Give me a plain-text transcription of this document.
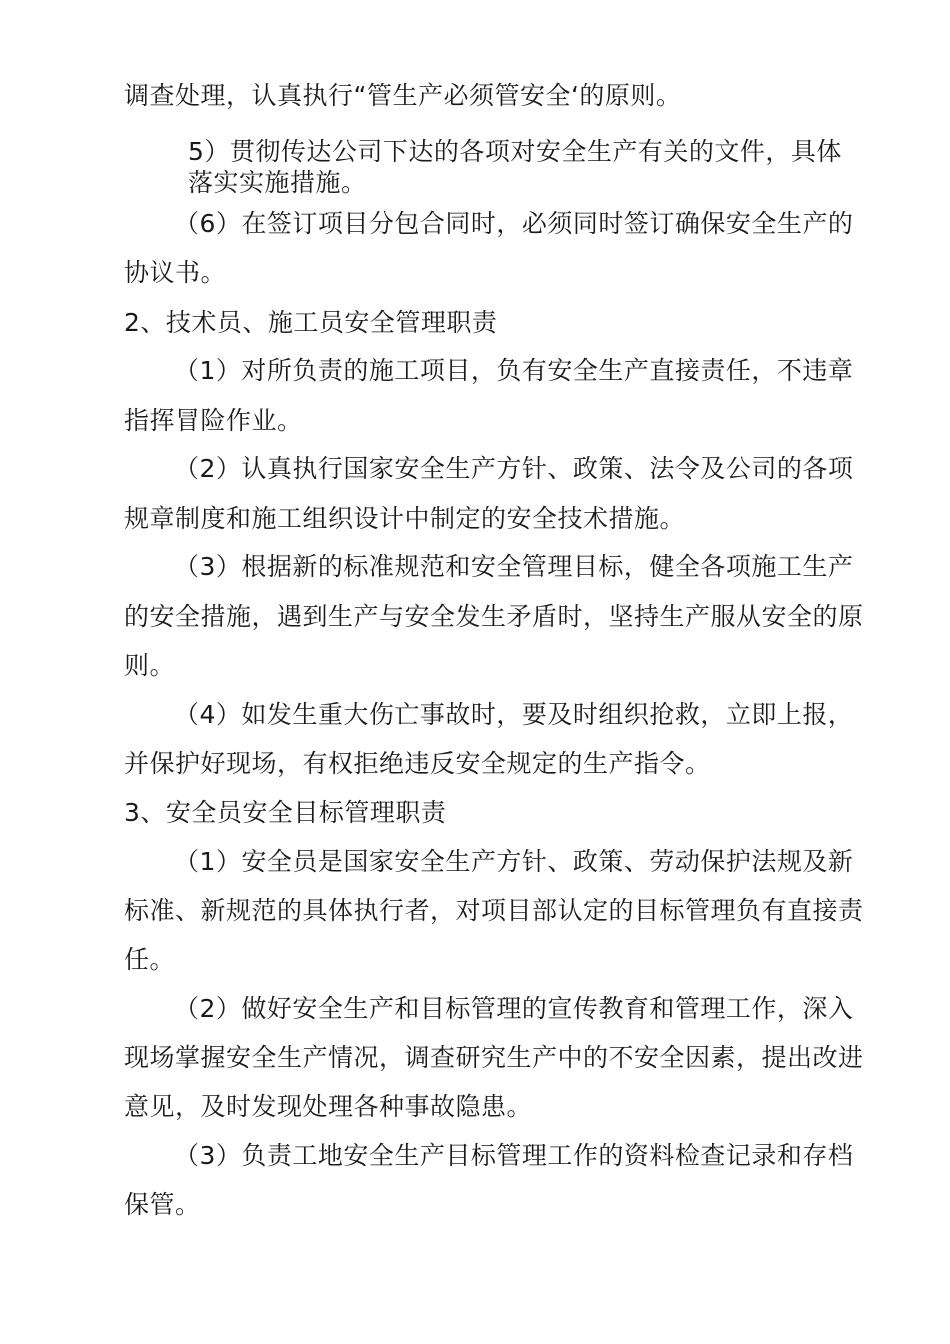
调查处理，认真执行“管生产必须管安全‘的原则。
5）贯彻传达公司下达的各项对安全生产有关的文件，具体
落实实施措施。
（6）在签订项目分包合同时，必须同时签订确保安全生产的
协议书。
2、技术员、施工员安全管理职责
（1）对所负责的施工项目，负有安全生产直接责任，不违章
指挥冒险作业。
（2）认真执行国家安全生产方针、政策、法令及公司的各项
规章制度和施工组织设计中制定的安全技术措施。
（3）根据新的标准规范和安全管理目标，健全各项施工生产
的安全措施，遇到生产与安全发生矛盾时，坚持生产服从安全的原
则。
（4）如发生重大伤亡事故时，要及时组织抢救，立即上报，
并保护好现场，有权拒绝违反安全规定的生产指令。
3、安全员安全目标管理职责
（1）安全员是国家安全生产方针、政策、劳动保护法规及新
标准、新规范的具体执行者，对项目部认定的目标管理负有直接责
任。
（2）做好安全生产和目标管理的宣传教育和管理工作，深入
现场掌握安全生产情况，调查研究生产中的不安全因素，提出改进
意见，及时发现处理各种事故隐患。
（3）负责工地安全生产目标管理工作的资料检查记录和存档
保管。
